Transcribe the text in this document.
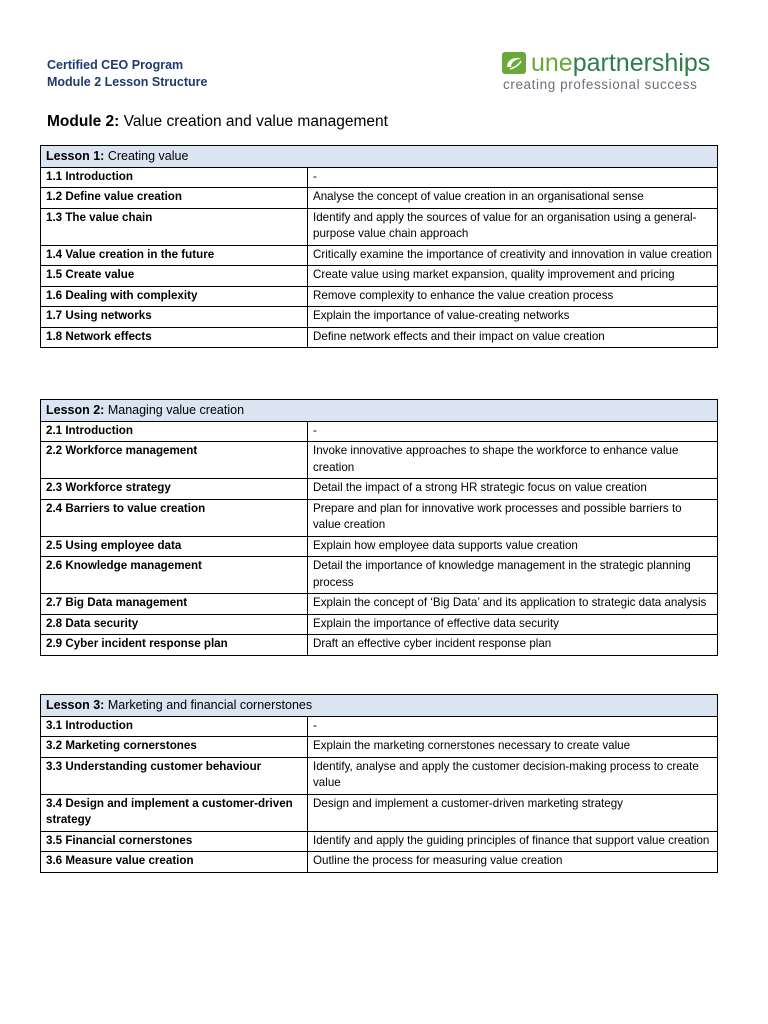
Certified CEO Program
Module 2 Lesson Structure
unepartnerships
creating professional success
Module 2: Value creation and value management
Lesson 1: Creating value	
1.1 Introduction	-
1.2 Define value creation	Analyse the concept of value creation in an organisational sense
1.3 The value chain	Identify and apply the sources of value for an organisation using a general-purpose value chain approach
1.4 Value creation in the future	Critically examine the importance of creativity and innovation in value creation
1.5 Create value	Create value using market expansion, quality improvement and pricing
1.6 Dealing with complexity	Remove complexity to enhance the value creation process
1.7 Using networks	Explain the importance of value-creating networks
1.8 Network effects	Define network effects and their impact on value creation
Lesson 2: Managing value creation	
2.1 Introduction	-
2.2 Workforce management	Invoke innovative approaches to shape the workforce to enhance value creation
2.3 Workforce strategy	Detail the impact of a strong HR strategic focus on value creation
2.4 Barriers to value creation	Prepare and plan for innovative work processes and possible barriers to value creation
2.5 Using employee data	Explain how employee data supports value creation
2.6 Knowledge management	Detail the importance of knowledge management in the strategic planning process
2.7 Big Data management	Explain the concept of ‘Big Data’ and its application to strategic data analysis
2.8 Data security	Explain the importance of effective data security
2.9 Cyber incident response plan	Draft an effective cyber incident response plan
Lesson 3: Marketing and financial cornerstones	
3.1 Introduction	-
3.2 Marketing cornerstones	Explain the marketing cornerstones necessary to create value
3.3 Understanding customer behaviour	Identify, analyse and apply the customer decision-making process to create value
3.4 Design and implement a customer-driven strategy	Design and implement a customer-driven marketing strategy
3.5 Financial cornerstones	Identify and apply the guiding principles of finance that support value creation
3.6 Measure value creation	Outline the process for measuring value creation
